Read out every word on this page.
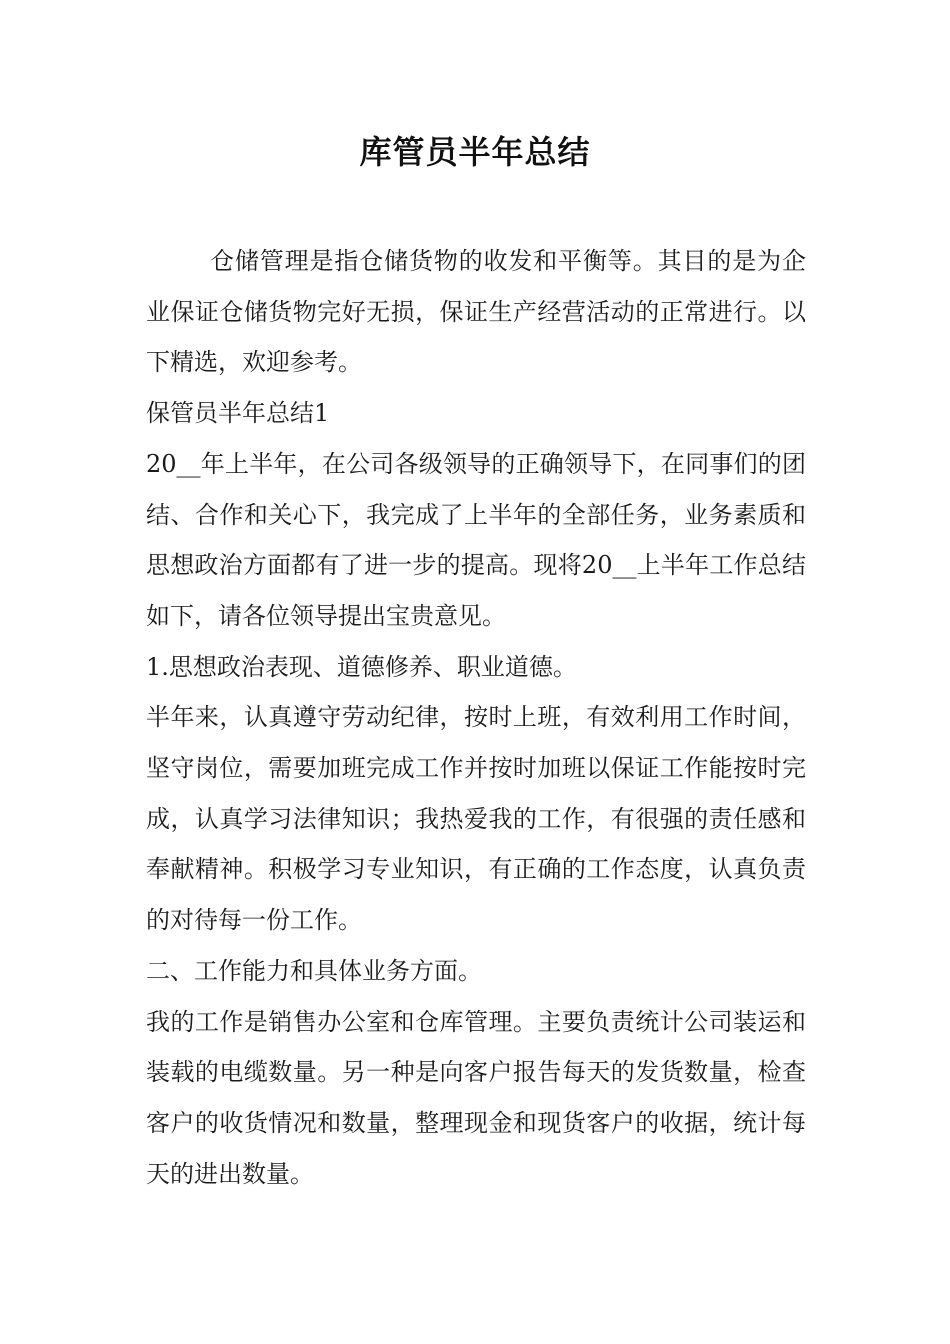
库管员半年总结

仓储管理是指仓储货物的收发和平衡等。其目的是为企业保证仓储货物完好无损，保证生产经营活动的正常进行。以下精选，欢迎参考。

保管员半年总结1

20__年上半年，在公司各级领导的正确领导下，在同事们的团结、合作和关心下，我完成了上半年的全部任务，业务素质和思想政治方面都有了进一步的提高。现将20__上半年工作总结如下，请各位领导提出宝贵意见。

1.思想政治表现、道德修养、职业道德。

半年来，认真遵守劳动纪律，按时上班，有效利用工作时间，坚守岗位，需要加班完成工作并按时加班以保证工作能按时完成，认真学习法律知识；我热爱我的工作，有很强的责任感和奉献精神。积极学习专业知识，有正确的工作态度，认真负责的对待每一份工作。

二、工作能力和具体业务方面。

我的工作是销售办公室和仓库管理。主要负责统计公司装运和装载的电缆数量。另一种是向客户报告每天的发货数量，检查客户的收货情况和数量，整理现金和现货客户的收据，统计每天的进出数量。
